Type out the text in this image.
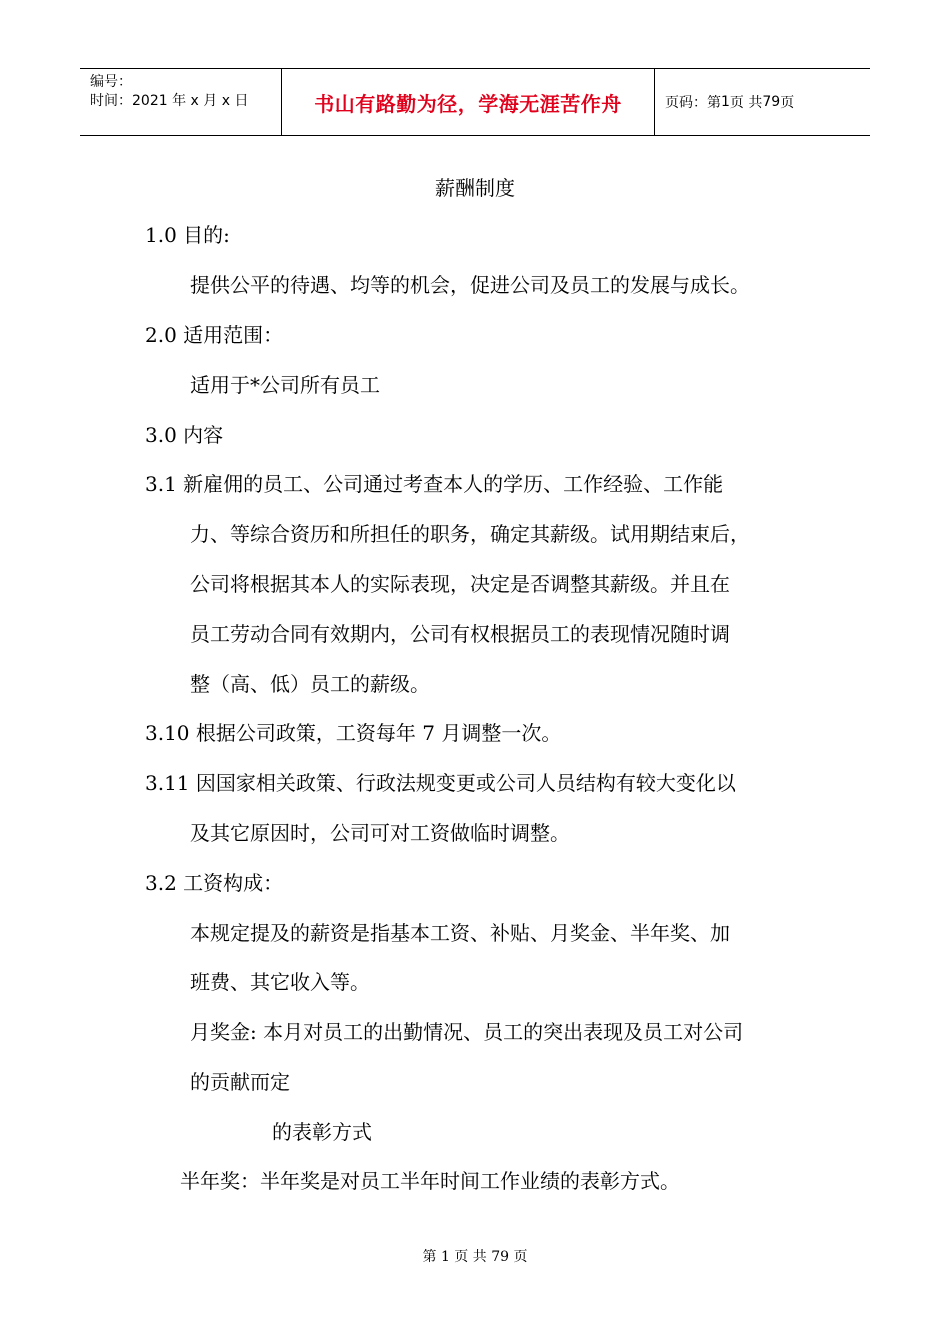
编号：
时间：2021 年 x 月 x 日	书山有路勤为径，学海无涯苦作舟	页码：第 1 页 共 79 页
薪酬制度
1.0 目的:
提供公平的待遇、均等的机会，促进公司及员工的发展与成长。
2.0 适用范围：
适用于*公司所有员工
3.0 内容
3.1 新雇佣的员工、公司通过考查本人的学历、工作经验、工作能
力、等综合资历和所担任的职务，确定其薪级。试用期结束后，
公司将根据其本人的实际表现，决定是否调整其薪级。并且在
员工劳动合同有效期内，公司有权根据员工的表现情况随时调
整（高、低）员工的薪级。
3.10 根据公司政策，工资每年 7 月调整一次。
3.11 因国家相关政策、行政法规变更或公司人员结构有较大变化以
及其它原因时，公司可对工资做临时调整。
3.2 工资构成：
本规定提及的薪资是指基本工资、补贴、月奖金、半年奖、加
班费、其它收入等。
月奖金: 本月对员工的出勤情况、员工的突出表现及员工对公司
的贡献而定
的表彰方式
半年奖：半年奖是对员工半年时间工作业绩的表彰方式。
第 1 页 共 79 页
